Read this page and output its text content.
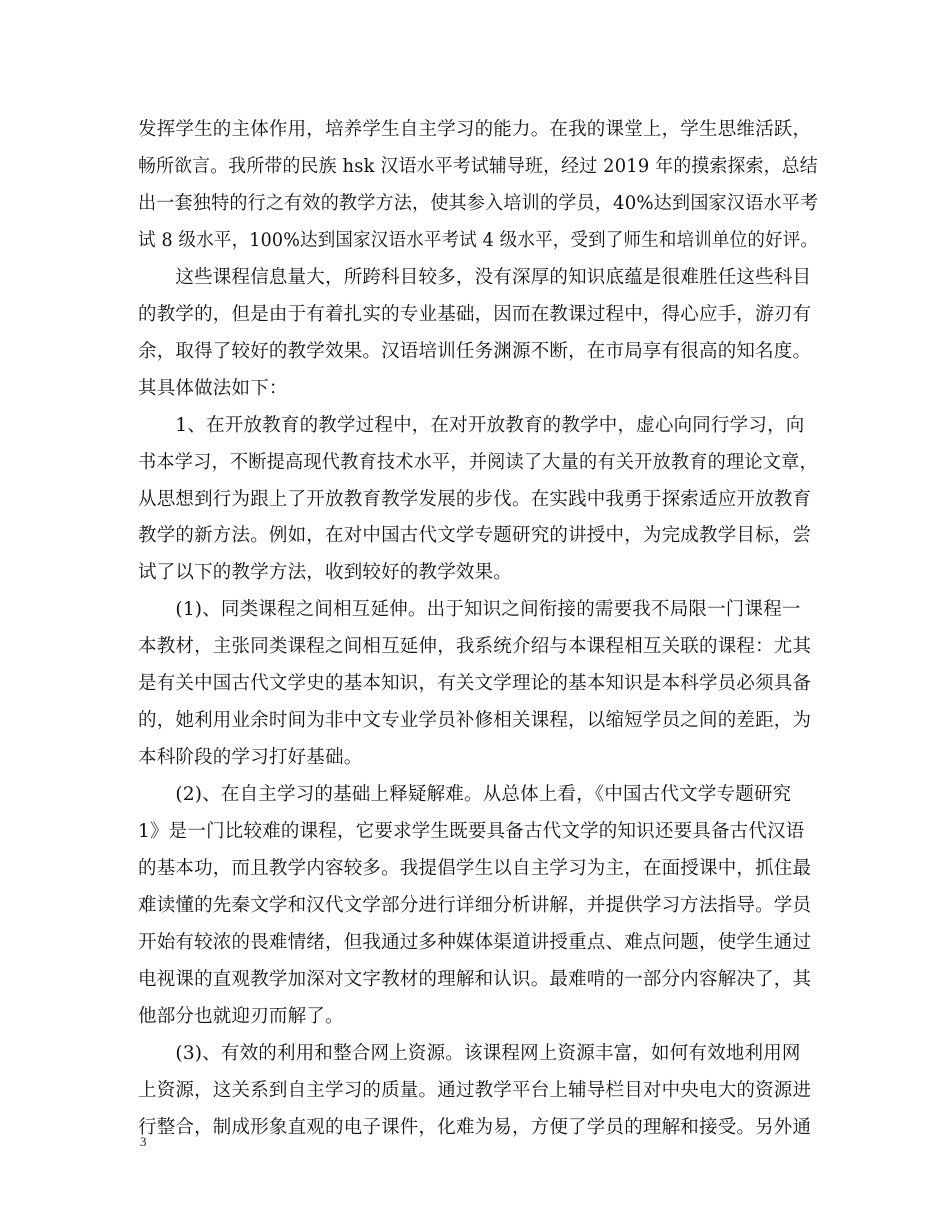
发挥学生的主体作用，培养学生自主学习的能力。在我的课堂上，学生思维活跃，
畅所欲言。我所带的民族 hsk 汉语水平考试辅导班，经过 2019 年的摸索探索，总结
出一套独特的行之有效的教学方法，使其参入培训的学员，40%达到国家汉语水平考
试 8 级水平，100%达到国家汉语水平考试 4 级水平，受到了师生和培训单位的好评。
　　这些课程信息量大，所跨科目较多，没有深厚的知识底蕴是很难胜任这些科目
的教学的，但是由于有着扎实的专业基础，因而在教课过程中，得心应手，游刃有
余，取得了较好的教学效果。汉语培训任务渊源不断，在市局享有很高的知名度。
其具体做法如下：
　　1、在开放教育的教学过程中，在对开放教育的教学中，虚心向同行学习，向
书本学习，不断提高现代教育技术水平，并阅读了大量的有关开放教育的理论文章，
从思想到行为跟上了开放教育教学发展的步伐。在实践中我勇于探索适应开放教育
教学的新方法。例如，在对中国古代文学专题研究的讲授中，为完成教学目标，尝
试了以下的教学方法，收到较好的教学效果。
　　(1)、同类课程之间相互延伸。出于知识之间衔接的需要我不局限一门课程一
本教材，主张同类课程之间相互延伸，我系统介绍与本课程相互关联的课程：尤其
是有关中国古代文学史的基本知识，有关文学理论的基本知识是本科学员必须具备
的，她利用业余时间为非中文专业学员补修相关课程，以缩短学员之间的差距，为
本科阶段的学习打好基础。
　　(2)、在自主学习的基础上释疑解难。从总体上看，《中国古代文学专题研究
1》是一门比较难的课程，它要求学生既要具备古代文学的知识还要具备古代汉语
的基本功，而且教学内容较多。我提倡学生以自主学习为主，在面授课中，抓住最
难读懂的先秦文学和汉代文学部分进行详细分析讲解，并提供学习方法指导。学员
开始有较浓的畏难情绪，但我通过多种媒体渠道讲授重点、难点问题，使学生通过
电视课的直观教学加深对文字教材的理解和认识。最难啃的一部分内容解决了，其
他部分也就迎刃而解了。
　　(3)、有效的利用和整合网上资源。该课程网上资源丰富，如何有效地利用网
上资源，这关系到自主学习的质量。通过教学平台上辅导栏目对中央电大的资源进
行整合，制成形象直观的电子课件，化难为易，方便了学员的理解和接受。另外通
3
